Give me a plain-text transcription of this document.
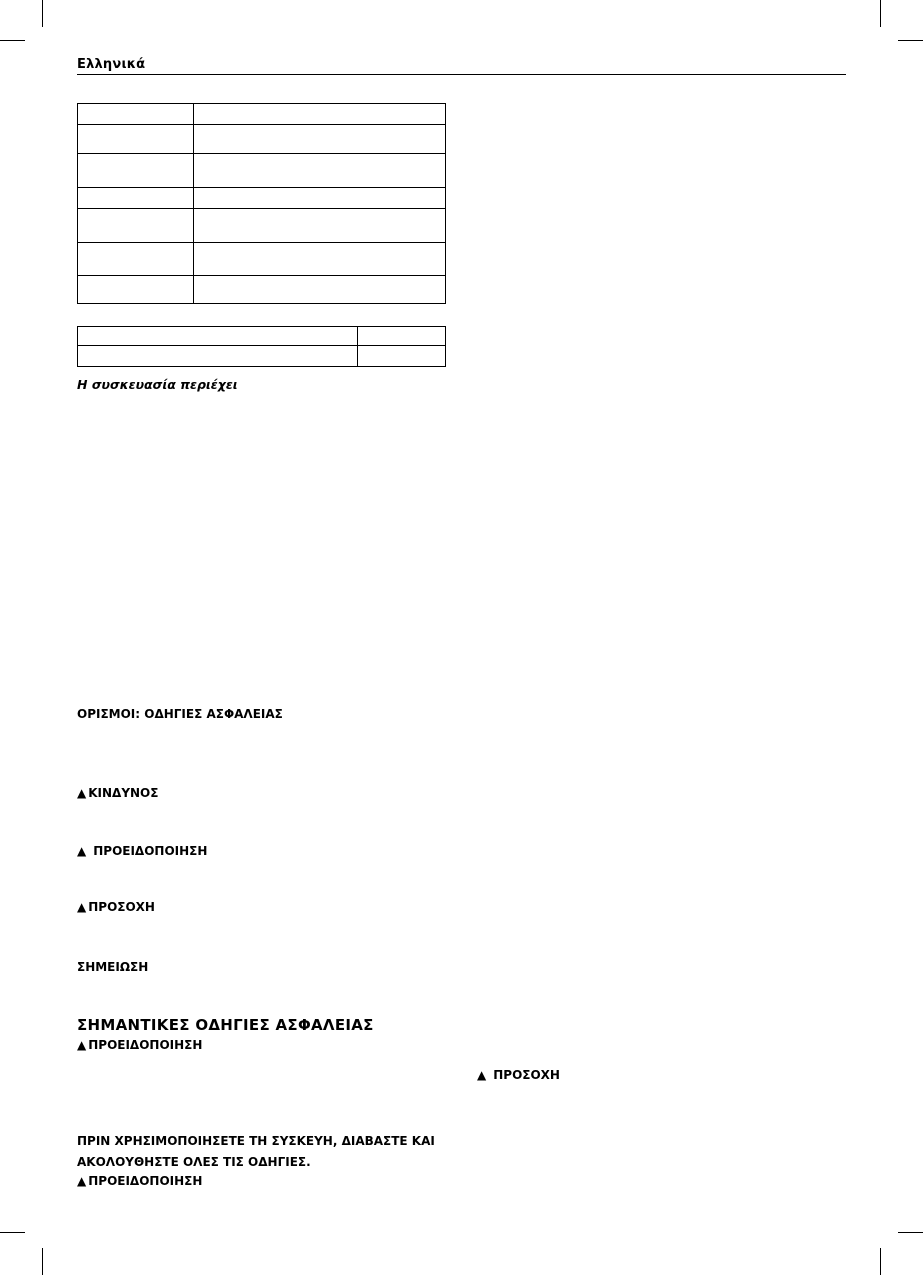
Ελληνικά

Η συσκευασία περιέχει
ΟΡΙΣΜΟΙ: ΟΔΗΓΙΕΣ ΑΣΦΑΛΕΙΑΣ
▲ ΚΙΝΔΥΝΟΣ
▲ ΠΡΟΕΙΔΟΠΟΙΗΣΗ
▲ ΠΡΟΣΟΧΗ
ΣΗΜΕΙΩΣΗ
ΣΗΜΑΝΤΙΚΕΣ ΟΔΗΓΙΕΣ ΑΣΦΑΛΕΙΑΣ
▲ ΠΡΟΕΙΔΟΠΟΙΗΣΗ
ΠΡΙΝ ΧΡΗΣΙΜΟΠΟΙΗΣΕΤΕ ΤΗ ΣΥΣΚΕΥΗ, ΔΙΑΒΑΣΤΕ ΚΑΙ
ΑΚΟΛΟΥΘΗΣΤΕ ΟΛΕΣ ΤΙΣ ΟΔΗΓΙΕΣ.
▲ ΠΡΟΕΙΔΟΠΟΙΗΣΗ
▲ ΠΡΟΣΟΧΗ
